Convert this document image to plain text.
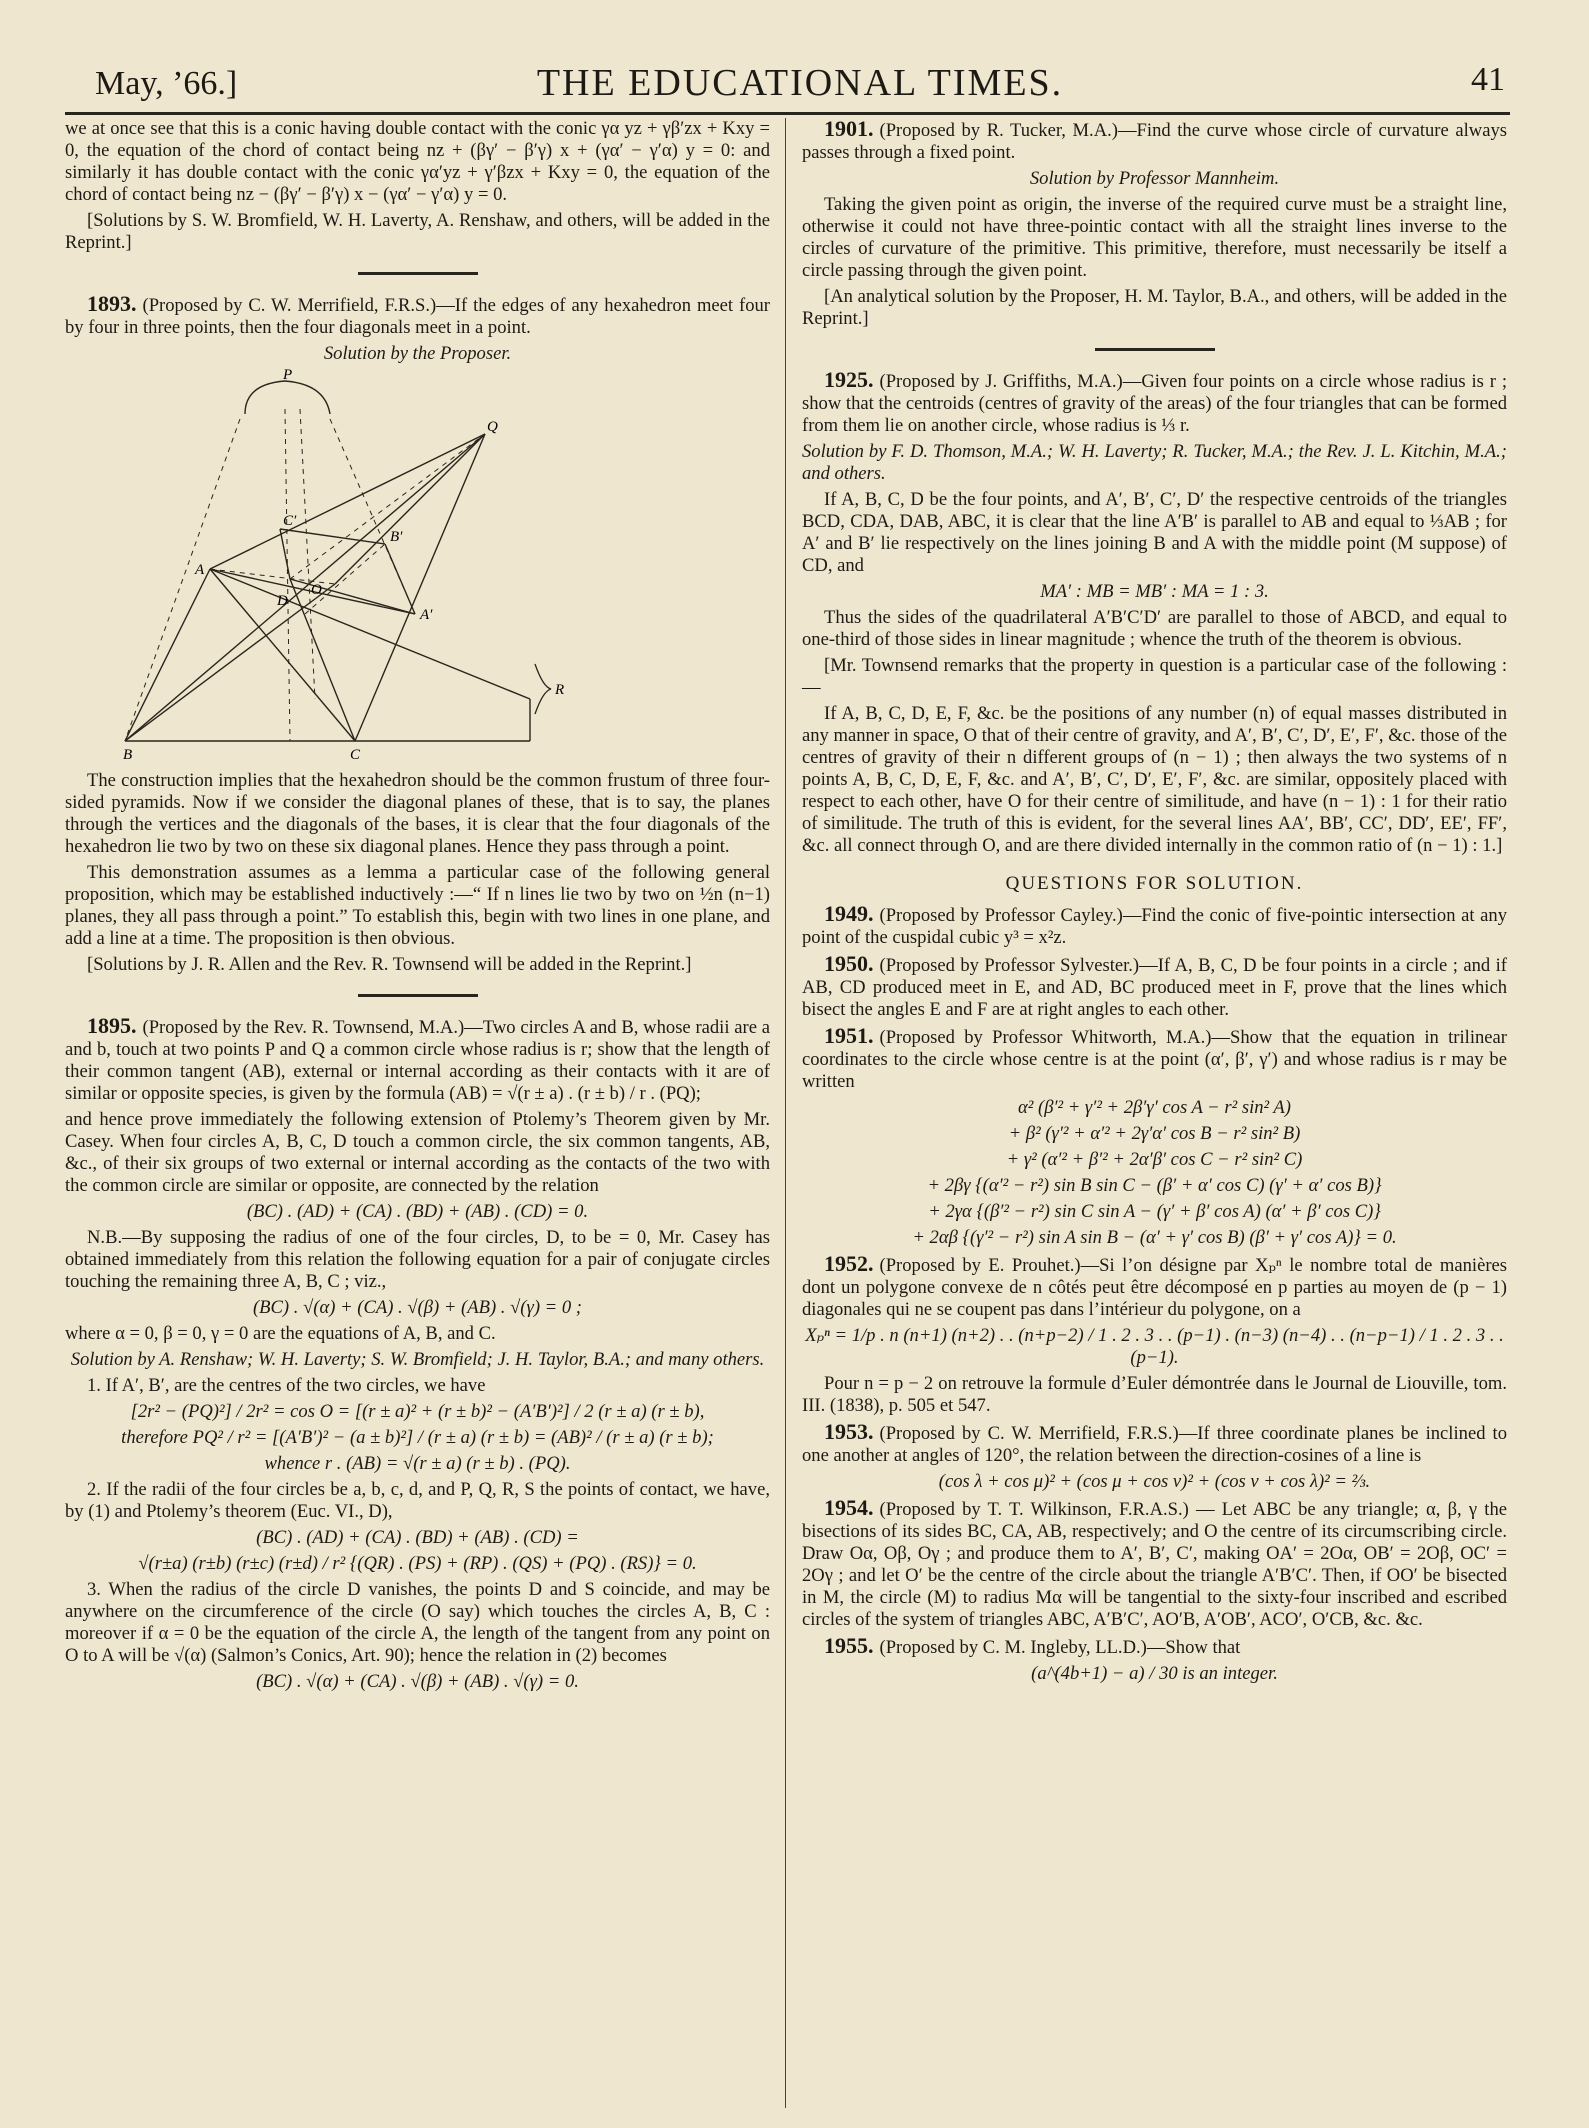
May, ’66.]	THE EDUCATIONAL TIMES.	41

we at once see that this is a conic having double contact with the conic γα yz + γβ′zx + Kxy = 0, the equation of the chord of contact being nz + (βγ′ − β′γ) x + (γα′ − γ′α) y = 0: and similarly it has double contact with the conic γα′yz + γ′βzx + Kxy = 0, the equation of the chord of contact being nz − (βγ′ − β′γ) x − (γα′ − γ′α) y = 0.

[Solutions by S. W. Bromfield, W. H. Laverty, A. Renshaw, and others, will be added in the Reprint.]

1893. (Proposed by C. W. Merrifield, F.R.S.)—If the edges of any hexahedron meet four by four in three points, then the four diagonals meet in a point.

Solution by the Proposer.

P
Q
R
A
B	C
A′
B′
C′
D
O

The construction implies that the hexahedron should be the common frustum of three four-sided pyramids. Now if we consider the diagonal planes of these, that is to say, the planes through the vertices and the diagonals of the bases, it is clear that the four diagonals of the hexahedron lie two by two on these six diagonal planes. Hence they pass through a point.

This demonstration assumes as a lemma a particular case of the following general proposition, which may be established inductively :—“ If n lines lie two by two on ½n (n−1) planes, they all pass through a point.” To establish this, begin with two lines in one plane, and add a line at a time. The proposition is then obvious.

[Solutions by J. R. Allen and the Rev. R. Townsend will be added in the Reprint.]

1895. (Proposed by the Rev. R. Townsend, M.A.)—Two circles A and B, whose radii are a and b, touch at two points P and Q a common circle whose radius is r; show that the length of their common tangent (AB), external or internal according as their contacts with it are of similar or opposite species, is given by the formula (AB) = √(r ± a) . (r ± b) / r . (PQ);

and hence prove immediately the following extension of Ptolemy’s Theorem given by Mr. Casey. When four circles A, B, C, D touch a common circle, the six common tangents, AB, &c., of their six groups of two external or internal according as the contacts of the two with the common circle are similar or opposite, are connected by the relation

(BC) . (AD) + (CA) . (BD) + (AB) . (CD) = 0.

N.B.—By supposing the radius of one of the four circles, D, to be = 0, Mr. Casey has obtained immediately from this relation the following equation for a pair of conjugate circles touching the remaining three A, B, C ; viz.,

(BC) . √(α) + (CA) . √(β) + (AB) . √(γ) = 0 ;

where α = 0, β = 0, γ = 0 are the equations of A, B, and C.

Solution by A. Renshaw; W. H. Laverty; S. W. Bromfield; J. H. Taylor, B.A.; and many others.

1. If A′, B′, are the centres of the two circles, we have

[2r² − (PQ)²] / 2r² = cos O = [(r ± a)² + (r ± b)² − (A′B′)²] / 2 (r ± a) (r ± b),

therefore PQ² / r² = [(A′B′)² − (a ± b)²] / (r ± a) (r ± b) = (AB)² / (r ± a) (r ± b);

whence r . (AB) = √(r ± a) (r ± b) . (PQ).

2. If the radii of the four circles be a, b, c, d, and P, Q, R, S the points of contact, we have, by (1) and Ptolemy’s theorem (Euc. VI., D),

(BC) . (AD) + (CA) . (BD) + (AB) . (CD) =

√(r±a) (r±b) (r±c) (r±d) / r² {(QR) . (PS) + (RP) . (QS) + (PQ) . (RS)} = 0.

3. When the radius of the circle D vanishes, the points D and S coincide, and may be anywhere on the circumference of the circle (O say) which touches the circles A, B, C : moreover if α = 0 be the equation of the circle A, the length of the tangent from any point on O to A will be √(α) (Salmon’s Conics, Art. 90); hence the relation in (2) becomes

(BC) . √(α) + (CA) . √(β) + (AB) . √(γ) = 0.

1901. (Proposed by R. Tucker, M.A.)—Find the curve whose circle of curvature always passes through a fixed point.

Solution by Professor Mannheim.

Taking the given point as origin, the inverse of the required curve must be a straight line, otherwise it could not have three-pointic contact with all the straight lines inverse to the circles of curvature of the primitive. This primitive, therefore, must necessarily be itself a circle passing through the given point.

[An analytical solution by the Proposer, H. M. Taylor, B.A., and others, will be added in the Reprint.]

1925. (Proposed by J. Griffiths, M.A.)—Given four points on a circle whose radius is r ; show that the centroids (centres of gravity of the areas) of the four triangles that can be formed from them lie on another circle, whose radius is ⅓ r.

Solution by F. D. Thomson, M.A.; W. H. Laverty; R. Tucker, M.A.; the Rev. J. L. Kitchin, M.A.; and others.

If A, B, C, D be the four points, and A′, B′, C′, D′ the respective centroids of the triangles BCD, CDA, DAB, ABC, it is clear that the line A′B′ is parallel to AB and equal to ⅓AB ; for A′ and B′ lie respectively on the lines joining B and A with the middle point (M suppose) of CD, and

MA′ : MB = MB′ : MA = 1 : 3.

Thus the sides of the quadrilateral A′B′C′D′ are parallel to those of ABCD, and equal to one-third of those sides in linear magnitude ; whence the truth of the theorem is obvious.

[Mr. Townsend remarks that the property in question is a particular case of the following :—

If A, B, C, D, E, F, &c. be the positions of any number (n) of equal masses distributed in any manner in space, O that of their centre of gravity, and A′, B′, C′, D′, E′, F′, &c. those of the centres of gravity of their n different groups of (n − 1) ; then always the two systems of n points A, B, C, D, E, F, &c. and A′, B′, C′, D′, E′, F′, &c. are similar, oppositely placed with respect to each other, have O for their centre of similitude, and have (n − 1) : 1 for their ratio of similitude. The truth of this is evident, for the several lines AA′, BB′, CC′, DD′, EE′, FF′, &c. all connect through O, and are there divided internally in the common ratio of (n − 1) : 1.]

QUESTIONS FOR SOLUTION.

1949. (Proposed by Professor Cayley.)—Find the conic of five-pointic intersection at any point of the cuspidal cubic y³ = x²z.

1950. (Proposed by Professor Sylvester.)—If A, B, C, D be four points in a circle ; and if AB, CD produced meet in E, and AD, BC produced meet in F, prove that the lines which bisect the angles E and F are at right angles to each other.

1951. (Proposed by Professor Whitworth, M.A.)—Show that the equation in trilinear coordinates to the circle whose centre is at the point (α′, β′, γ′) and whose radius is r may be written

α² (β′² + γ′² + 2β′γ′ cos A − r² sin² A)

+ β² (γ′² + α′² + 2γ′α′ cos B − r² sin² B)

+ γ² (α′² + β′² + 2α′β′ cos C − r² sin² C)

+ 2βγ {(α′² − r²) sin B sin C − (β′ + α′ cos C) (γ′ + α′ cos B)}

+ 2γα {(β′² − r²) sin C sin A − (γ′ + β′ cos A) (α′ + β′ cos C)}

+ 2αβ {(γ′² − r²) sin A sin B − (α′ + γ′ cos B) (β′ + γ′ cos A)} = 0.

1952. (Proposed by E. Prouhet.)—Si l’on désigne par Xₚⁿ le nombre total de manières dont un polygone convexe de n côtés peut être décomposé en p parties au moyen de (p − 1) diagonales qui ne se coupent pas dans l’intérieur du polygone, on a

Xₚⁿ = 1/p . n (n+1) (n+2) . . (n+p−2) / 1 . 2 . 3 . . (p−1) . (n−3) (n−4) . . (n−p−1) / 1 . 2 . 3 . . (p−1).

Pour n = p − 2 on retrouve la formule d’Euler démontrée dans le Journal de Liouville, tom. III. (1838), p. 505 et 547.

1953. (Proposed by C. W. Merrifield, F.R.S.)—If three coordinate planes be inclined to one another at angles of 120°, the relation between the direction-cosines of a line is

(cos λ + cos μ)² + (cos μ + cos ν)² + (cos ν + cos λ)² = ⅔.

1954. (Proposed by T. T. Wilkinson, F.R.A.S.) — Let ABC be any triangle; α, β, γ the bisections of its sides BC, CA, AB, respectively; and O the centre of its circumscribing circle. Draw Oα, Oβ, Oγ ; and produce them to A′, B′, C′, making OA′ = 2Oα, OB′ = 2Oβ, OC′ = 2Oγ ; and let O′ be the centre of the circle about the triangle A′B′C′. Then, if OO′ be bisected in M, the circle (M) to radius Mα will be tangential to the sixty-four inscribed and escribed circles of the system of triangles ABC, A′B′C′, AO′B, A′OB′, ACO′, O′CB, &c. &c.

1955. (Proposed by C. M. Ingleby, LL.D.)—Show that

(a^(4b+1) − a) / 30 is an integer.
